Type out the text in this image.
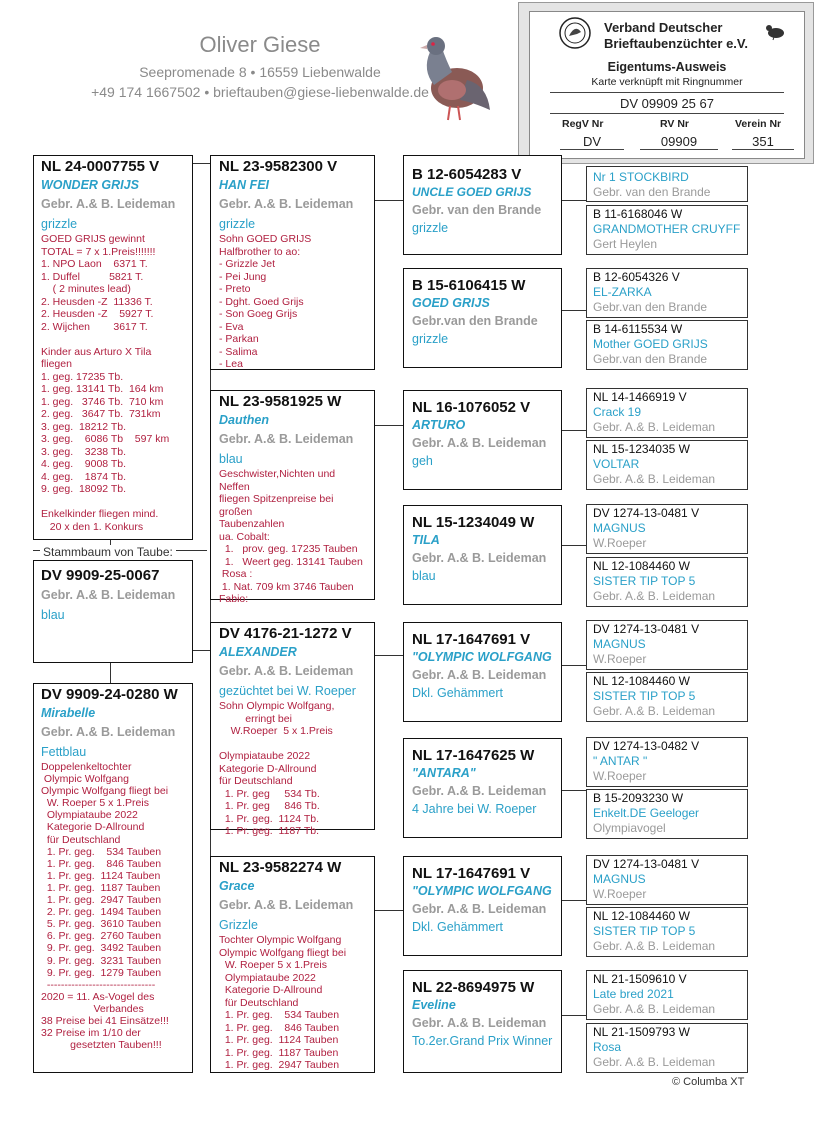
Oliver Giese
Seepromenade 8 • 16559 Liebenwalde
+49 174 1667502 • brieftauben@giese-liebenwalde.de
Verband Deutscher
Brieftaubenzüchter e.V.
Eigentums-Ausweis
Karte verknüpft mit Ringnummer
DV 09909 25 67
RegV Nr	RV Nr	Verein Nr
DV	09909	351
NL 24-0007755 V
WONDER GRIJS
Gebr. A.& B. Leideman
grizzle
GOED GRIJS gewinnt
TOTAL = 7 x 1.Preis!!!!!!!
1. NPO Laon    6371 T.
1. Duffel          5821 T.
( 2 minutes lead)
2. Heusden -Z  11336 T.
2. Heusden -Z    5927 T.
2. Wijchen        3617 T.

Kinder aus Arturo X Tila
fliegen
1. geg. 17235 Tb.
1. geg. 13141 Tb.  164 km
1. geg.   3746 Tb.  710 km
2. geg.   3647 Tb.  731km
3. geg.  18212 Tb.
3. geg.    6086 Tb    597 km
3. geg.    3238 Tb.
4. geg.    9008 Tb.
4. geg.    1874 Tb.
9. geg.  18092 Tb.

Enkelkinder fliegen mind.
20 x den 1. Konkurs
Stammbaum von Taube:
DV 9909-25-0067
Gebr. A.& B. Leideman
blau
DV 9909-24-0280 W
Mirabelle
Gebr. A.& B. Leideman
Fettblau
Doppelenkeltochter
Olympic Wolfgang
Olympic Wolfgang fliegt bei
W. Roeper 5 x 1.Preis
Olympiataube 2022
Kategorie D-Allround
für Deutschland
1. Pr. geg.    534 Tauben
1. Pr. geg.    846 Tauben
1. Pr. geg.  1124 Tauben
1. Pr. geg.  1187 Tauben
1. Pr. geg.  2947 Tauben
2. Pr. geg.  1494 Tauben
5. Pr. geg.  3610 Tauben
6. Pr. geg.  2760 Tauben
9. Pr. geg.  3492 Tauben
9. Pr. geg.  3231 Tauben
9. Pr. geg.  1279 Tauben
-------------------------------
2020 = 11. As-Vogel des
Verbandes
38 Preise bei 41 Einsätze!!!
32 Preise im 1/10 der
gesetzten Tauben!!!
NL 23-9582300 V
HAN FEI
Gebr. A.& B. Leideman
grizzle
Sohn GOED GRIJS
Halfbrother to ao:
- Grizzle Jet
- Pei Jung
- Preto
- Dght. Goed Grijs
- Son Goeg Grijs
- Eva
- Parkan
- Salima
- Lea
NL 23-9581925 W
Dauthen
Gebr. A.& B. Leideman
blau
Geschwister,Nichten und
Neffen
fliegen Spitzenpreise bei
großen
Taubenzahlen
ua. Cobalt:
1.   prov. geg. 17235 Tauben
1.   Weert geg. 13141 Tauben
Rosa :
1. Nat. 709 km 3746 Tauben
Fabio:
DV 4176-21-1272 V
ALEXANDER
Gebr. A.& B. Leideman
gezüchtet bei W. Roeper
Sohn Olympic Wolfgang,
erringt bei
W.Roeper  5 x 1.Preis

Olympiataube 2022
Kategorie D-Allround
für Deutschland
1. Pr. geg     534 Tb.
1. Pr. geg     846 Tb.
1. Pr. geg.  1124 Tb.
1. Pr. geg.  1187 Tb.
NL 23-9582274 W
Grace
Gebr. A.& B. Leideman
Grizzle
Tochter Olympic Wolfgang
Olympic Wolfgang fliegt bei
W. Roeper 5 x 1.Preis
Olympiataube 2022
Kategorie D-Allround
für Deutschland
1. Pr. geg.    534 Tauben
1. Pr. geg.    846 Tauben
1. Pr. geg.  1124 Tauben
1. Pr. geg.  1187 Tauben
1. Pr. geg.  2947 Tauben
B 12-6054283 V
UNCLE GOED GRIJS
Gebr. van den Brande
grizzle
B 15-6106415 W
GOED GRIJS
Gebr.van den Brande
grizzle
NL 16-1076052 V
ARTURO
Gebr. A.& B. Leideman
geh
NL 15-1234049 W
TILA
Gebr. A.& B. Leideman
blau
NL 17-1647691 V
"OLYMPIC WOLFGANG
Gebr. A.& B. Leideman
Dkl. Gehämmert
NL 17-1647625 W
"ANTARA"
Gebr. A.& B. Leideman
4 Jahre bei W. Roeper
NL 17-1647691 V
"OLYMPIC WOLFGANG
Gebr. A.& B. Leideman
Dkl. Gehämmert
NL 22-8694975 W
Eveline
Gebr. A.& B. Leideman
To.2er.Grand Prix Winner
Nr 1 STOCKBIRD
Gebr. van den Brande
B 11-6168046 W
GRANDMOTHER CRUYFF
Gert Heylen
B 12-6054326 V
EL-ZARKA
Gebr.van den Brande
B 14-6115534 W
Mother GOED GRIJS
Gebr.van den Brande
NL 14-1466919 V
Crack 19
Gebr. A.& B. Leideman
NL 15-1234035 W
VOLTAR
Gebr. A.& B. Leideman
DV 1274-13-0481 V
MAGNUS
W.Roeper
NL 12-1084460 W
SISTER TIP TOP 5
Gebr. A.& B. Leideman
DV 1274-13-0481 V
MAGNUS
W.Roeper
NL 12-1084460 W
SISTER TIP TOP 5
Gebr. A.& B. Leideman
DV 1274-13-0482 V
" ANTAR "
W.Roeper
B 15-2093230 W
Enkelt.DE Geeloger
Olympiavogel
DV 1274-13-0481 V
MAGNUS
W.Roeper
NL 12-1084460 W
SISTER TIP TOP 5
Gebr. A.& B. Leideman
NL 21-1509610 V
Late bred 2021
Gebr. A.& B. Leideman
NL 21-1509793 W
Rosa
Gebr. A.& B. Leideman
© Columba XT
